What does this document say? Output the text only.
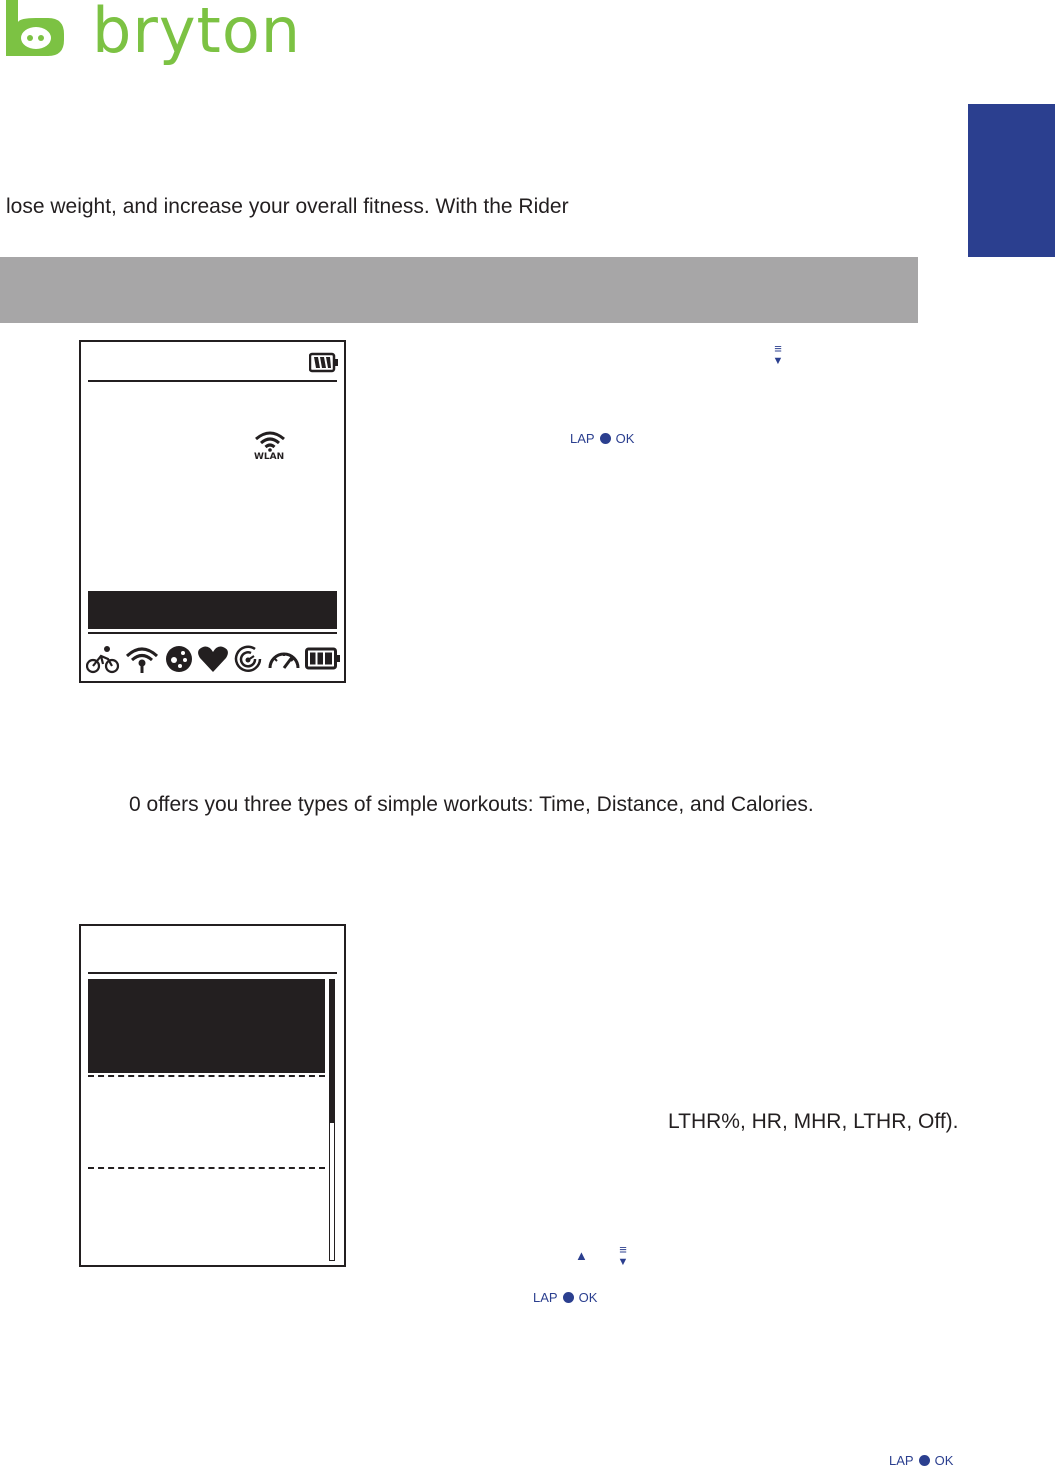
bryton
lose weight, and increase your overall fitness. With the Rider
WLAN
≡
▼
LAP OK
0 offers you three types of simple workouts: Time, Distance, and Calories.
LTHR%, HR, MHR, LTHR, Off).
▲ ≡
▼
LAP OK
LAP OK
